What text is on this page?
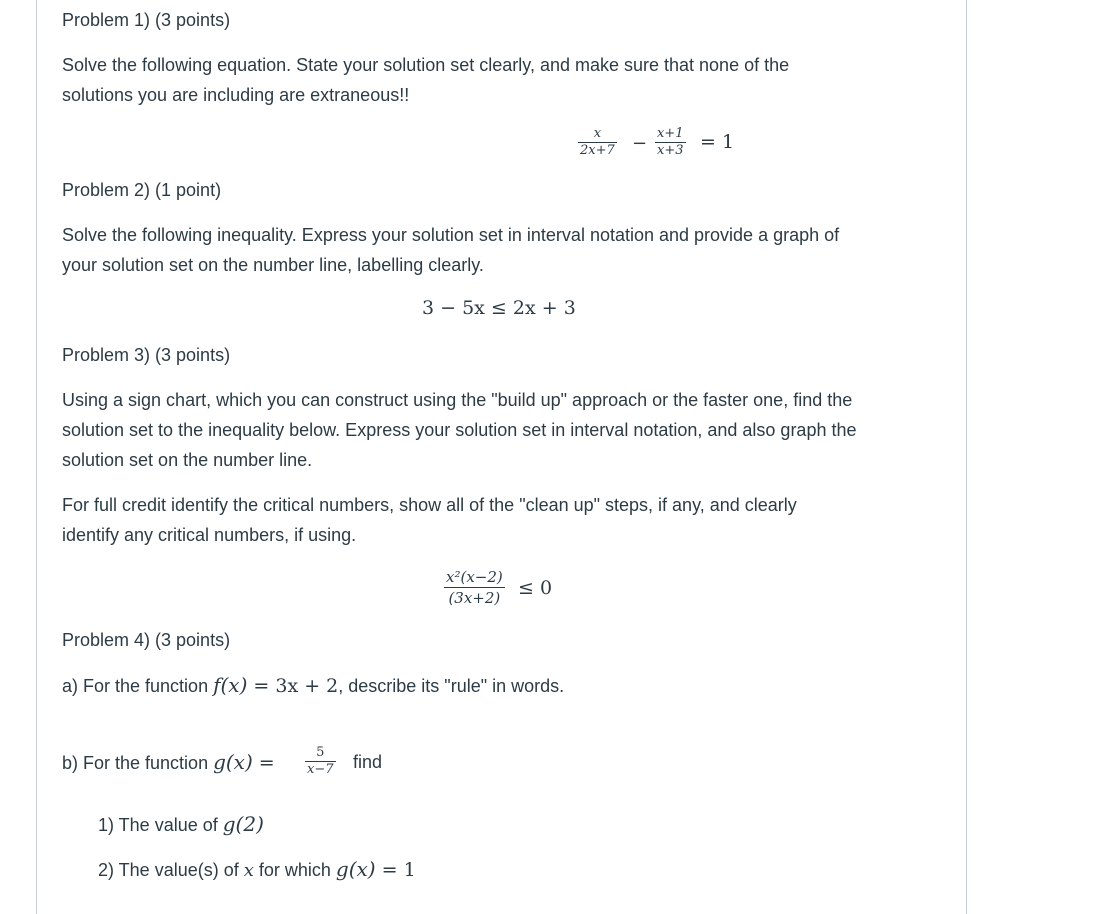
Problem 1) (3 points)
Solve the following equation. State your solution set clearly, and make sure that none of the
solutions you are including are extraneous!!
$\frac{x}{2x+7} - \frac{x+1}{x+3} = 1$
Problem 2) (1 point)
Solve the following inequality. Express your solution set in interval notation and provide a graph of
your solution set on the number line, labelling clearly.
3 − 5x ≤ 2x + 3
Problem 3) (3 points)
Using a sign chart, which you can construct using the "build up" approach or the faster one, find the
solution set to the inequality below. Express your solution set in interval notation, and also graph the
solution set on the number line.
For full credit identify the critical numbers, show all of the "clean up" steps, if any, and clearly
identify any critical numbers, if using.
$\frac{\text{x²(x−2)}}{(3x+2)} \le 0$
Problem 4) (3 points)
a) For the function f(x) = 3x + 2, describe its "rule" in words.
b) For the function $g(x) = \frac{5}{x-7}$ find
1) The value of g(2)
2) The value(s) of x for which g(x) = 1
